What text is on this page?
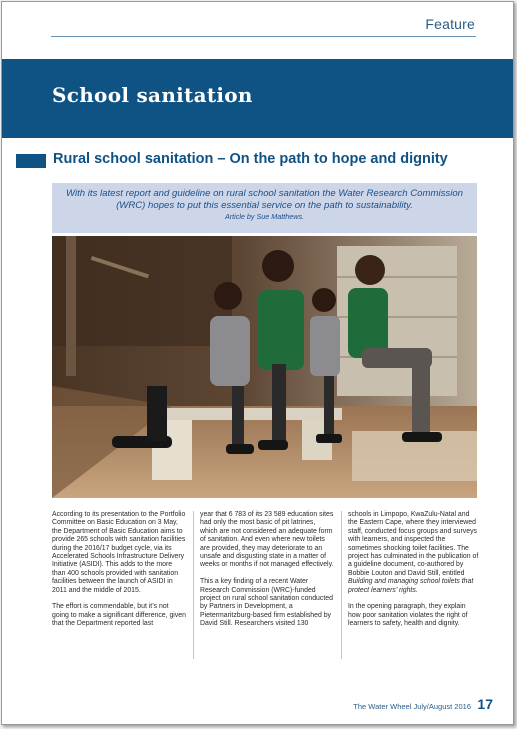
Feature
School sanitation
Rural school sanitation – On the path to hope and dignity
With its latest report and guideline on rural school sanitation the Water Research Commission (WRC) hopes to put this essential service on the path to sustainability.
Article by Sue Matthews.

According to its presentation to the Portfolio Committee on Basic Education on 3 May, the Department of Basic Education aims to provide 265 schools with sanitation facilities during the 2016/17 budget cycle, via its Accelerated Schools Infrastructure Delivery Initiative (ASIDI). This adds to the more than 400 schools provided with sanitation facilities between the launch of ASIDI in 2011 and the middle of 2015.

The effort is commendable, but it’s not going to make a significant difference, given that the Department reported last

year that 6 783 of its 23 589 education sites had only the most basic of pit latrines, which are not considered an adequate form of sanitation. And even where new toilets are provided, they may deteriorate to an unsafe and disgusting state in a matter of weeks or months if not managed effectively.

This a key finding of a recent Water Research Commission (WRC)-funded project on rural school sanitation conducted by Partners in Development, a Pietermaritzburg-based firm established by David Still. Researchers visited 130

schools in Limpopo, KwaZulu-Natal and the Eastern Cape, where they interviewed staff, conducted focus groups and surveys with learners, and inspected the sometimes shocking toilet facilities. The project has culminated in the publication of a guideline document, co-authored by Bobbie Louton and David Still, entitled Building and managing school toilets that protect learners’ rights.

In the opening paragraph, they explain how poor sanitation violates the right of learners to safety, health and dignity.

The Water Wheel July/August 2016 17
